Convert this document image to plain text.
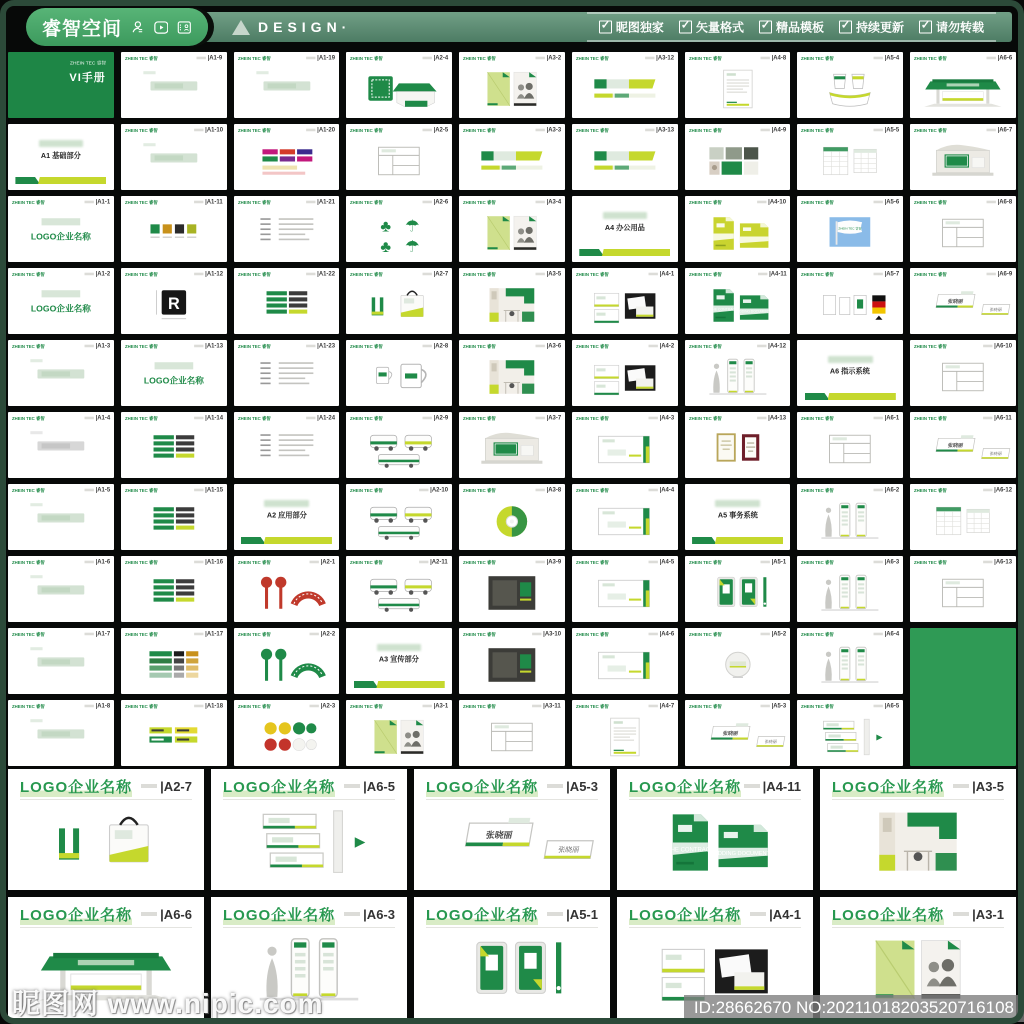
睿智空间	DESIGN·	✓ 昵图独家 ✓ 矢量格式 ✓ 精品模板 ✓ 持续更新 ✓ 请勿转载
ZHEIN TEC 睿智
VI手册
ZHEIN TEC 睿智	|A1-9	ZHEIN TEC 睿智	|A1-19	ZHEIN TEC 睿智	|A2-4	ZHEIN TEC 睿智	|A3-2	ZHEIN TEC 睿智	|A3-12	ZHEIN TEC 睿智	|A4-8	ZHEIN TEC 睿智	|A5-4	ZHEIN TEC 睿智	|A6-6
A1 基础部分
ZHEIN TEC 睿智	|A1-10	ZHEIN TEC 睿智	|A1-20	ZHEIN TEC 睿智	|A2-5	ZHEIN TEC 睿智	|A3-3	ZHEIN TEC 睿智	|A3-13	ZHEIN TEC 睿智	|A4-9	ZHEIN TEC 睿智	|A5-5	ZHEIN TEC 睿智	|A6-7
ZHEIN TEC 睿智	|A1-1
LOGO企业名称
ZHEIN TEC 睿智	|A1-11	ZHEIN TEC 睿智	|A1-21	ZHEIN TEC 睿智	|A2-6
♣ ☂
♣ ☂
ZHEIN TEC 睿智	|A3-4
A4 办公用品
ZHEIN TEC 睿智	|A4-10	ZHEIN TEC 睿智	|A5-6
ZHEIN TEC 睿智
ZHEIN TEC 睿智	|A6-8
ZHEIN TEC 睿智	|A1-2
LOGO企业名称
ZHEIN TEC 睿智	|A1-12
R
ZHEIN TEC 睿智	|A1-22	ZHEIN TEC 睿智	|A2-7	ZHEIN TEC 睿智	|A3-5	ZHEIN TEC 睿智	|A4-1	ZHEIN TEC 睿智	|A4-11
THE CONTRACT
BIDDING DOCUMENTS
ZHEIN TEC 睿智	|A5-7	ZHEIN TEC 睿智	|A6-9
张晓丽
张晓丽
ZHEIN TEC 睿智	|A1-3	ZHEIN TEC 睿智	|A1-13
LOGO企业名称
ZHEIN TEC 睿智	|A1-23	ZHEIN TEC 睿智	|A2-8	ZHEIN TEC 睿智	|A3-6	ZHEIN TEC 睿智	|A4-2	ZHEIN TEC 睿智	|A4-12
A6 指示系统
ZHEIN TEC 睿智	|A6-10
ZHEIN TEC 睿智	|A1-4	ZHEIN TEC 睿智	|A1-14	ZHEIN TEC 睿智	|A1-24	ZHEIN TEC 睿智	|A2-9	ZHEIN TEC 睿智	|A3-7	ZHEIN TEC 睿智	|A4-3	ZHEIN TEC 睿智	|A4-13	ZHEIN TEC 睿智	|A6-1	ZHEIN TEC 睿智	|A6-11
张晓丽
张晓丽
ZHEIN TEC 睿智	|A1-5	ZHEIN TEC 睿智	|A1-15
A2 应用部分
ZHEIN TEC 睿智	|A2-10	ZHEIN TEC 睿智	|A3-8	ZHEIN TEC 睿智	|A4-4
A5 事务系统
ZHEIN TEC 睿智	|A6-2	ZHEIN TEC 睿智	|A6-12
ZHEIN TEC 睿智	|A1-6	ZHEIN TEC 睿智	|A1-16	ZHEIN TEC 睿智	|A2-1	ZHEIN TEC 睿智	|A2-11	ZHEIN TEC 睿智	|A3-9	ZHEIN TEC 睿智	|A4-5	ZHEIN TEC 睿智	|A5-1	ZHEIN TEC 睿智	|A6-3	ZHEIN TEC 睿智	|A6-13
ZHEIN TEC 睿智	|A1-7	ZHEIN TEC 睿智	|A1-17	ZHEIN TEC 睿智	|A2-2
A3 宣传部分
ZHEIN TEC 睿智	|A3-10	ZHEIN TEC 睿智	|A4-6	ZHEIN TEC 睿智	|A5-2	ZHEIN TEC 睿智	|A6-4
ZHEIN TEC 睿智	|A1-8	ZHEIN TEC 睿智	|A1-18	ZHEIN TEC 睿智	|A2-3	ZHEIN TEC 睿智	|A3-1	ZHEIN TEC 睿智	|A3-11	ZHEIN TEC 睿智	|A4-7	ZHEIN TEC 睿智	|A5-3
张晓丽
张晓丽
ZHEIN TEC 睿智	|A6-5
LOGO企业名称	|A2-7 LOGO企业名称	|A6-5 LOGO企业名称	|A5-3
张晓丽
张晓丽
LOGO企业名称	|A4-11
THE CONTRACT
BIDDING DOCUMENTS
LOGO企业名称	|A3-5
LOGO企业名称	|A6-6 LOGO企业名称	|A6-3 LOGO企业名称	|A5-1 LOGO企业名称	|A4-1 LOGO企业名称	|A3-1
昵图网 www.nipic.com	ID:28662670 NO:20211018203520716108
